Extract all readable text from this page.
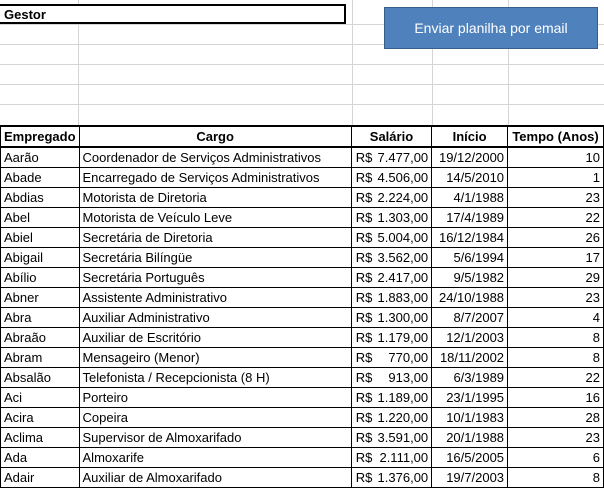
Gestor
Enviar planilha por email
Empregado	Cargo	Salário	Início	Tempo (Anos)
Aarão	Coordenador de Serviços Administrativos	R$ 7.477,00	19/12/2000	10
Abade	Encarregado de Serviços Administrativos	R$ 4.506,00	14/5/2010	1
Abdias	Motorista de Diretoria	R$ 2.224,00	4/1/1988	23
Abel	Motorista de Veículo Leve	R$ 1.303,00	17/4/1989	22
Abiel	Secretária de Diretoria	R$ 5.004,00	16/12/1984	26
Abigail	Secretária Bilíngüe	R$ 3.562,00	5/6/1994	17
Abílio	Secretária Português	R$ 2.417,00	9/5/1982	29
Abner	Assistente Administrativo	R$ 1.883,00	24/10/1988	23
Abra	Auxiliar Administrativo	R$ 1.300,00	8/7/2007	4
Abraão	Auxiliar de Escritório	R$ 1.179,00	12/1/2003	8
Abram	Mensageiro (Menor)	R$ 770,00	18/11/2002	8
Absalão	Telefonista / Recepcionista (8 H)	R$ 913,00	6/3/1989	22
Aci	Porteiro	R$ 1.189,00	23/1/1995	16
Acira	Copeira	R$ 1.220,00	10/1/1983	28
Aclima	Supervisor de Almoxarifado	R$ 3.591,00	20/1/1988	23
Ada	Almoxarife	R$ 2.111,00	16/5/2005	6
Adair	Auxiliar de Almoxarifado	R$ 1.376,00	19/7/2003	8
